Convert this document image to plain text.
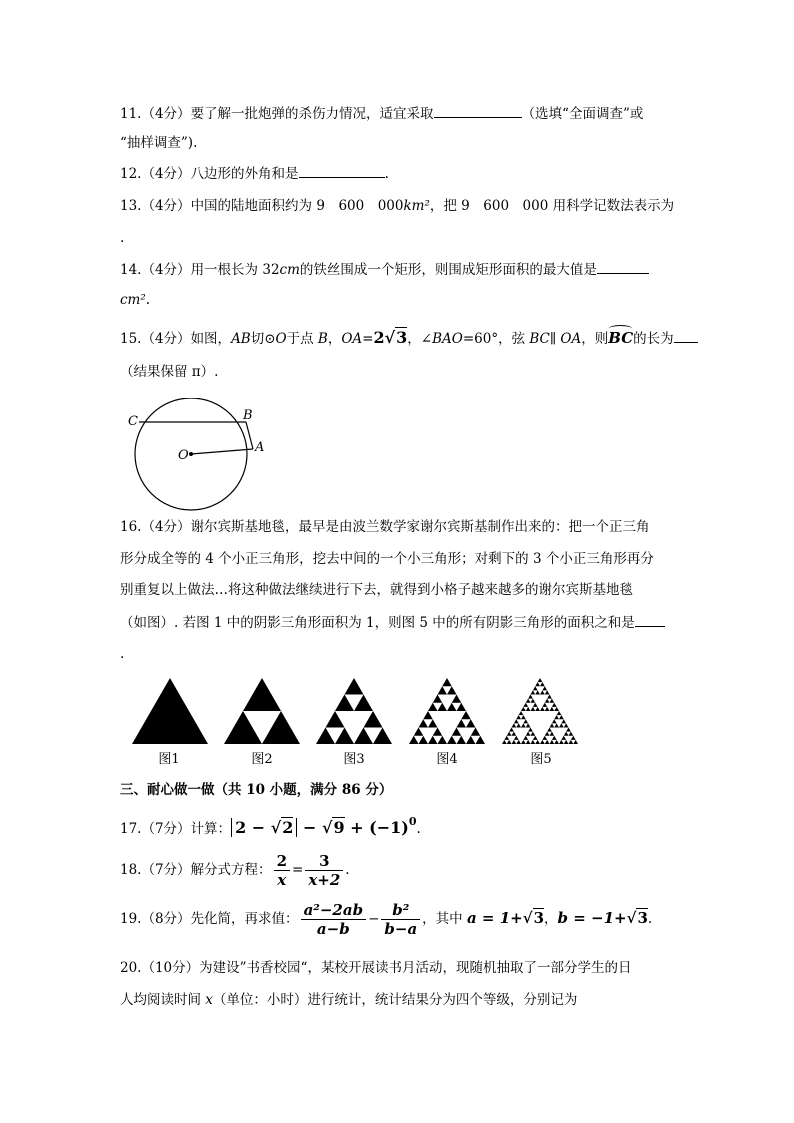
11.（4分）要了解一批炮弹的杀伤力情况，适宜采取	（选填“全面调查”或
“抽样调查”).
12.（4分）八边形的外角和是	.
13.（4分）中国的陆地面积约为 9　600　000km²，把 9　600　000 用科学记数法表示为
.
14.（4分）用一根长为 32cm的铁丝围成一个矩形，则围成矩形面积的最大值是
cm².
15.（4分）如图，AB切⊙O于点 B，OA=2√3，∠BAO=60°，弦 BC∥ OA，则
BC的长为
（结果保留 π）.
C	B
O
A
16.（4分）谢尔宾斯基地毯，最早是由波兰数学家谢尔宾斯基制作出来的：把一个正三角
形分成全等的 4 个小正三角形，挖去中间的一个小三角形；对剩下的 3 个小正三角形再分
别重复以上做法…将这种做法继续进行下去，就得到小格子越来越多的谢尔宾斯基地毯
（如图）. 若图 1 中的阴影三角形面积为 1，则图 5 中的所有阴影三角形的面积之和是
.
图1	图2	图3	图4	图5
三、耐心做一做（共 10 小题，满分 86 分）
17.（7分）计算： $2 - √2 - √9 + (-1)^0$.
18.（7分）解分式方程： $\frac{2}{x} = \frac{3}{x+2}$ .
19.（8分）先化简，再求值： $\frac{\text{a²−2ab}}{a-b} - \frac{\text{b²}}{b-a}$ ，其中 a = 1+√3，b = −1+√3.
20.（10分）为建设”书香校园“，某校开展读书月活动，现随机抽取了一部分学生的日
人均阅读时间 x（单位：小时）进行统计，统计结果分为四个等级，分别记为
